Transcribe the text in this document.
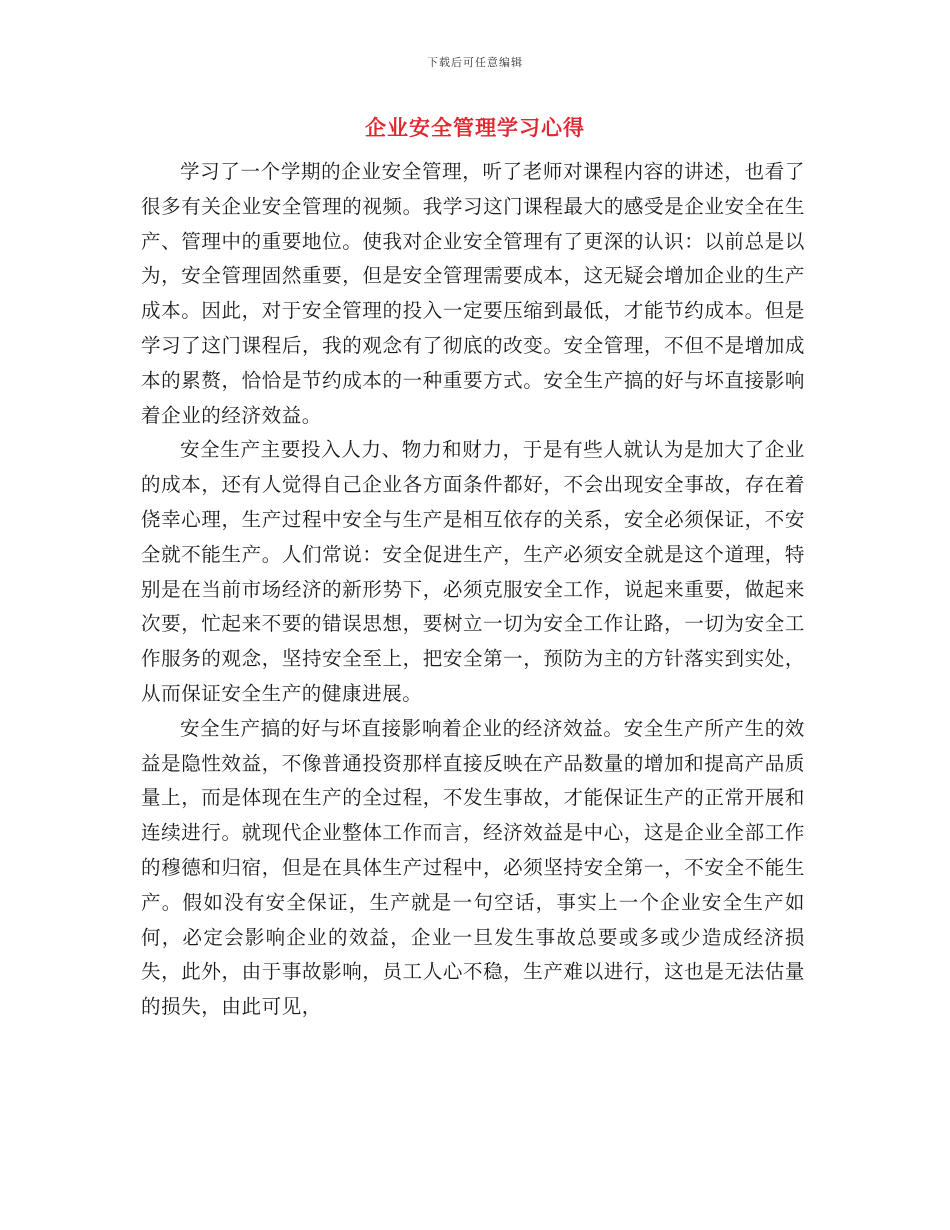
下载后可任意编辑
企业安全管理学习心得

学习了一个学期的企业安全管理，听了老师对课程内容的讲述，也看了很多有关企业安全管理的视频。我学习这门课程最大的感受是企业安全在生产、管理中的重要地位。使我对企业安全管理有了更深的认识：以前总是以为，安全管理固然重要，但是安全管理需要成本，这无疑会增加企业的生产成本。因此，对于安全管理的投入一定要压缩到最低，才能节约成本。但是学习了这门课程后，我的观念有了彻底的改变。安全管理，不但不是增加成本的累赘，恰恰是节约成本的一种重要方式。安全生产搞的好与坏直接影响着企业的经济效益。

安全生产主要投入人力、物力和财力，于是有些人就认为是加大了企业的成本，还有人觉得自己企业各方面条件都好，不会出现安全事故，存在着侥幸心理，生产过程中安全与生产是相互依存的关系，安全必须保证，不安全就不能生产。人们常说：安全促进生产，生产必须安全就是这个道理，特别是在当前市场经济的新形势下，必须克服安全工作，说起来重要，做起来次要，忙起来不要的错误思想，要树立一切为安全工作让路，一切为安全工作服务的观念，坚持安全至上，把安全第一，预防为主的方针落实到实处，从而保证安全生产的健康进展。

安全生产搞的好与坏直接影响着企业的经济效益。安全生产所产生的效益是隐性效益，不像普通投资那样直接反映在产品数量的增加和提高产品质量上，而是体现在生产的全过程，不发生事故，才能保证生产的正常开展和连续进行。就现代企业整体工作而言，经济效益是中心，这是企业全部工作的穆德和归宿，但是在具体生产过程中，必须坚持安全第一，不安全不能生产。假如没有安全保证，生产就是一句空话，事实上一个企业安全生产如何，必定会影响企业的效益，企业一旦发生事故总要或多或少造成经济损失，此外，由于事故影响，员工人心不稳，生产难以进行，这也是无法估量的损失，由此可见，
